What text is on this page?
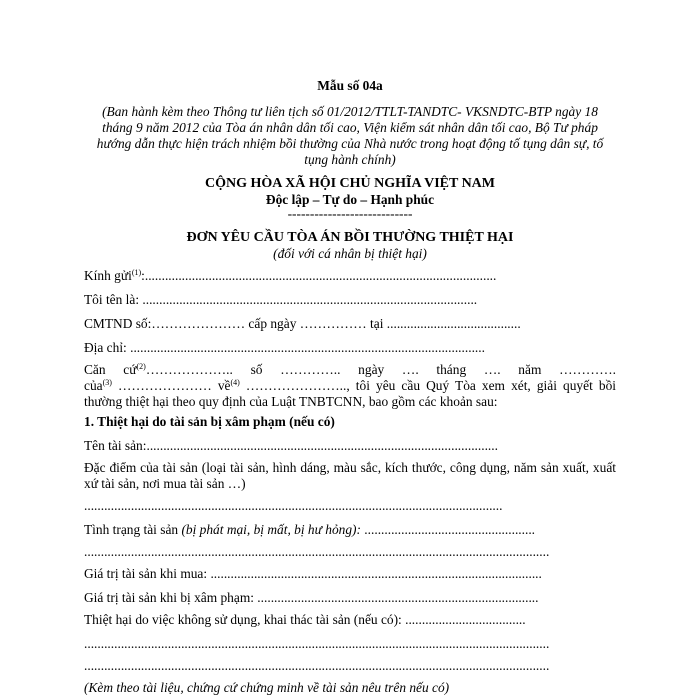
Mẫu số 04a
(Ban hành kèm theo Thông tư liên tịch số 01/2012/TTLT-TANDTC- VKSNDTC-BTP ngày 18
tháng 9 năm 2012 của Tòa án nhân dân tối cao, Viện kiểm sát nhân dân tối cao, Bộ Tư pháp
hướng dẫn thực hiện trách nhiệm bồi thường của Nhà nước trong hoạt động tố tụng dân sự, tố
tụng hành chính)
CỘNG HÒA XÃ HỘI CHỦ NGHĨA VIỆT NAM
Độc lập – Tự do – Hạnh phúc
----------------------------
ĐƠN YÊU CẦU TÒA ÁN BỒI THƯỜNG THIỆT HẠI
(đối với cá nhân bị thiệt hại)
Kính gửi$^{(1)}$:.........................................................................................................
Tôi tên là: ....................................................................................................
CMTND số:………………… cấp ngày …………… tại ........................................
Địa chỉ: ..........................................................................................................
Căn cứ$^{(2)}$……………….. số ………….. ngày …. tháng …. năm ………….
của$^{(3)}$ ………………… về$^{(4)}$ ………………….., tôi yêu cầu Quý Tòa xem xét, giải quyết bồi
thường thiệt hại theo quy định của Luật TNBTCNN, bao gồm các khoản sau:
1. Thiệt hại do tài sản bị xâm phạm (nếu có)
Tên tài sản:.........................................................................................................
Đặc điểm của tài sản (loại tài sản, hình dáng, màu sắc, kích thước, công dụng, năm sản xuất, xuất
xứ tài sản, nơi mua tài sản …)
.............................................................................................................................
Tình trạng tài sản (bị phát mại, bị mất, bị hư hỏng): ...................................................
...........................................................................................................................................
Giá trị tài sản khi mua: ...................................................................................................
Giá trị tài sản khi bị xâm phạm: ....................................................................................
Thiệt hại do việc không sử dụng, khai thác tài sản (nếu có): ....................................
...........................................................................................................................................
...........................................................................................................................................
(Kèm theo tài liệu, chứng cứ chứng minh về tài sản nêu trên nếu có)
